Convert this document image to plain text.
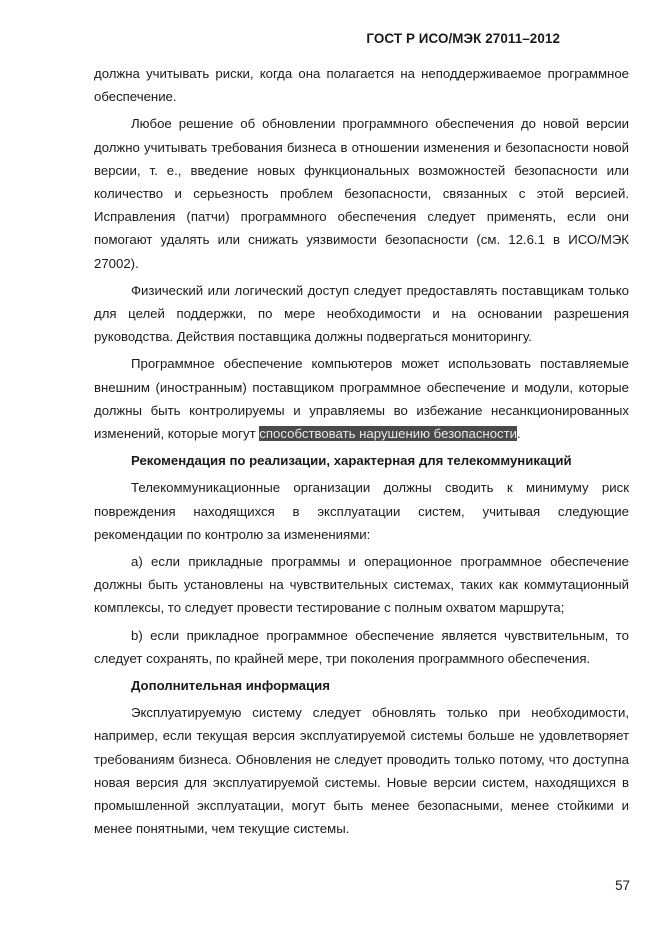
ГОСТ Р ИСО/МЭК 27011–2012

должна учитывать риски, когда она полагается на неподдерживаемое программное обеспечение.

Любое решение об обновлении программного обеспечения до новой версии должно учитывать требования бизнеса в отношении изменения и безопасности новой версии, т. е., введение новых функциональных возможностей безопасности или количество и серьезность проблем безопасности, связанных с этой версией. Исправления (патчи) программного обеспечения следует применять, если они помогают удалять или снижать уязвимости безопасности (см. 12.6.1 в ИСО/МЭК 27002).

Физический или логический доступ следует предоставлять поставщикам только для целей поддержки, по мере необходимости и на основании разрешения руководства. Действия поставщика должны подвергаться мониторингу.

Программное обеспечение компьютеров может использовать поставляемые внешним (иностранным) поставщиком программное обеспечение и модули, которые должны быть контролируемы и управляемы во избежание несанкционированных изменений, которые могут способствовать нарушению безопасности.

Рекомендация по реализации, характерная для телекоммуникаций

Телекоммуникационные организации должны сводить к минимуму риск повреждения находящихся в эксплуатации систем, учитывая следующие рекомендации по контролю за изменениями:

а) если прикладные программы и операционное программное обеспечение должны быть установлены на чувствительных системах, таких как коммутационный комплексы, то следует провести тестирование с полным охватом маршрута;

b) если прикладное программное обеспечение является чувствительным, то следует сохранять, по крайней мере, три поколения программного обеспечения.

Дополнительная информация

Эксплуатируемую систему следует обновлять только при необходимости, например, если текущая версия эксплуатируемой системы больше не удовлетворяет требованиям бизнеса. Обновления не следует проводить только потому, что доступна новая версия для эксплуатируемой системы. Новые версии систем, находящихся в промышленной эксплуатации, могут быть менее безопасными, менее стойкими и менее понятными, чем текущие системы.

57
